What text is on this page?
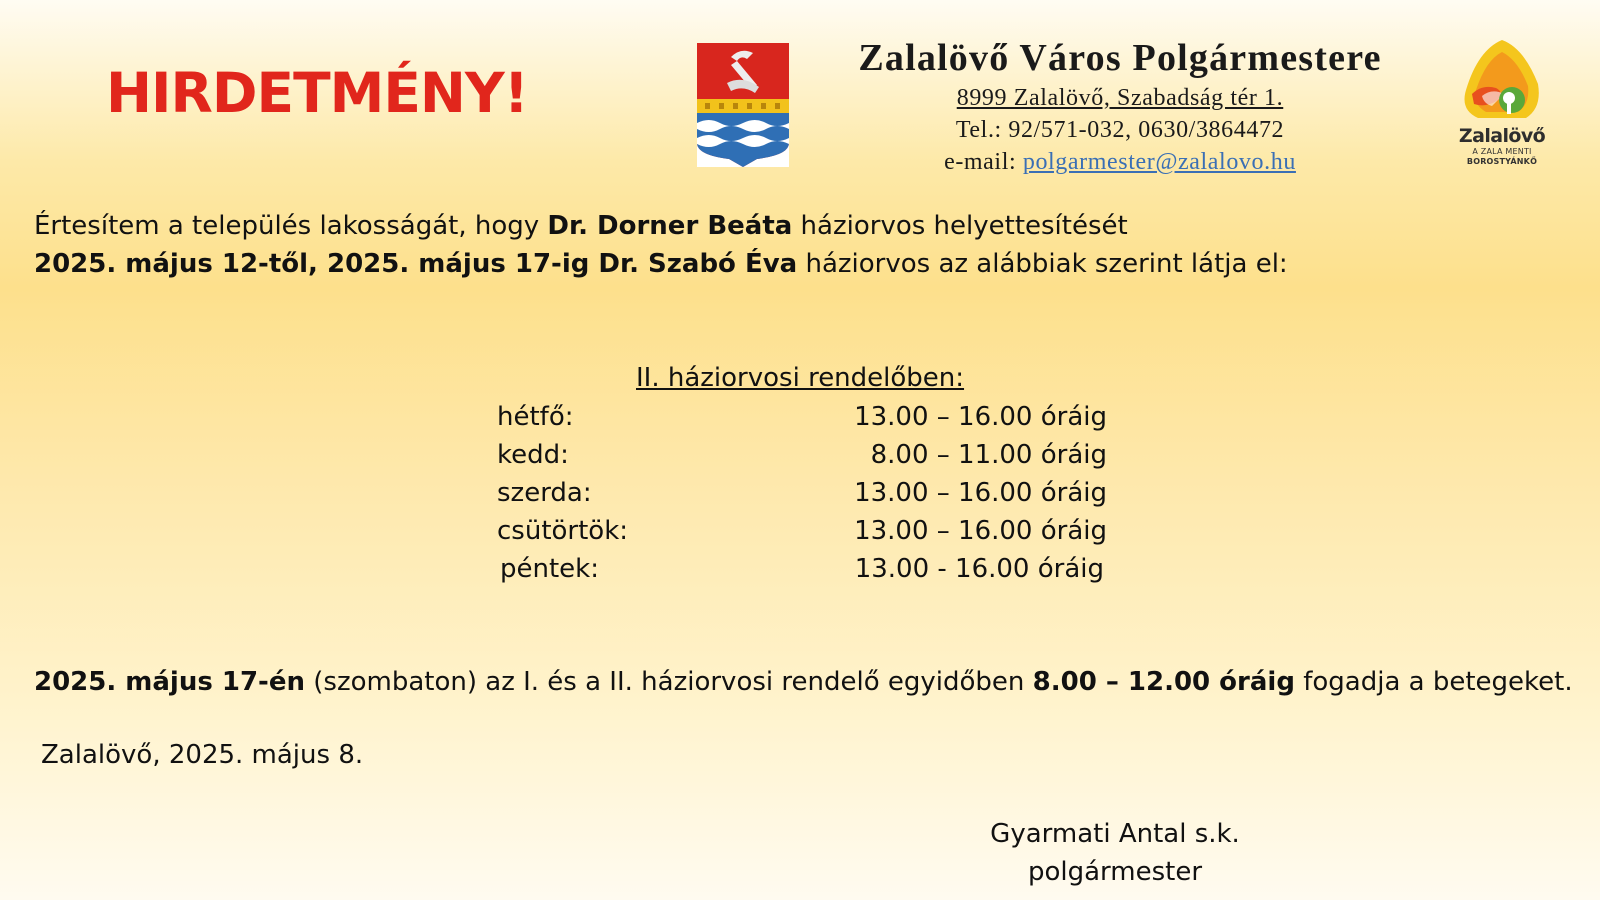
HIRDETMÉNY!
Zalalövő Város Polgármestere
8999 Zalalövő, Szabadság tér 1.
Tel.: 92/571-032, 0630/3864472
e-mail: polgarmester@zalalovo.hu
Zalalövő
A ZALA MENTI
BOROSTYÁNKŐ
Értesítem a település lakosságát, hogy Dr. Dorner Beáta háziorvos helyettesítését
2025. május 12-től, 2025. május 17-ig Dr. Szabó Éva háziorvos az alábbiak szerint látja el:
II. háziorvosi rendelőben:
hétfő:	13.00 – 16.00 óráig
kedd:	8.00 – 11.00 óráig
szerda:	13.00 – 16.00 óráig
csütörtök:	13.00 – 16.00 óráig
péntek:	13.00 - 16.00 óráig
2025. május 17-én (szombaton) az I. és a II. háziorvosi rendelő egyidőben 8.00 – 12.00 óráig fogadja a betegeket.
Zalalövő, 2025. május 8.
Gyarmati Antal s.k.
polgármester
